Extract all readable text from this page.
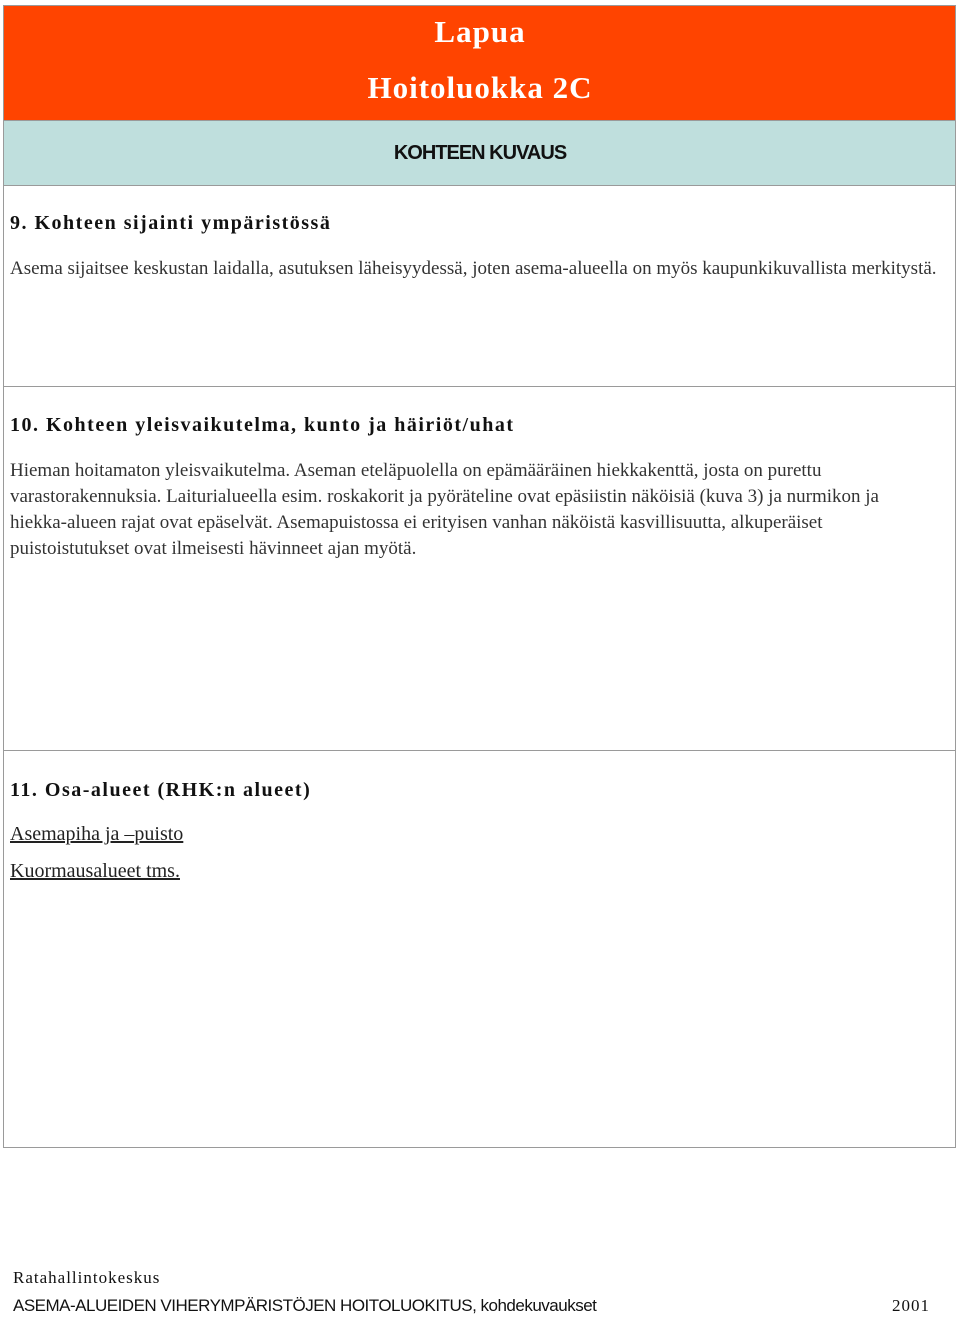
Lapua
Hoitoluokka 2C
KOHTEEN KUVAUS
9. Kohteen sijainti ympäristössä
Asema sijaitsee keskustan laidalla, asutuksen läheisyydessä, joten asema-alueella on myös kaupunkikuvallista merkitystä.
10. Kohteen yleisvaikutelma, kunto ja häiriöt/uhat
Hieman hoitamaton yleisvaikutelma. Aseman eteläpuolella on epämääräinen hiekkakenttä, josta on purettu varastorakennuksia. Laiturialueella esim. roskakorit ja pyöräteline ovat epäsiistin näköisiä (kuva 3) ja nurmikon ja hiekka-alueen rajat ovat epäselvät. Asemapuistossa ei erityisen vanhan näköistä kasvillisuutta, alkuperäiset puistoistutukset ovat ilmeisesti hävinneet ajan myötä.
11. Osa-alueet (RHK:n alueet)
Asemapiha ja –puisto
Kuormausalueet tms.
Ratahallintokeskus
ASEMA-ALUEIDEN VIHERYMPÄRISTÖJEN HOITOLUOKITUS, kohdekuvaukset	2001
